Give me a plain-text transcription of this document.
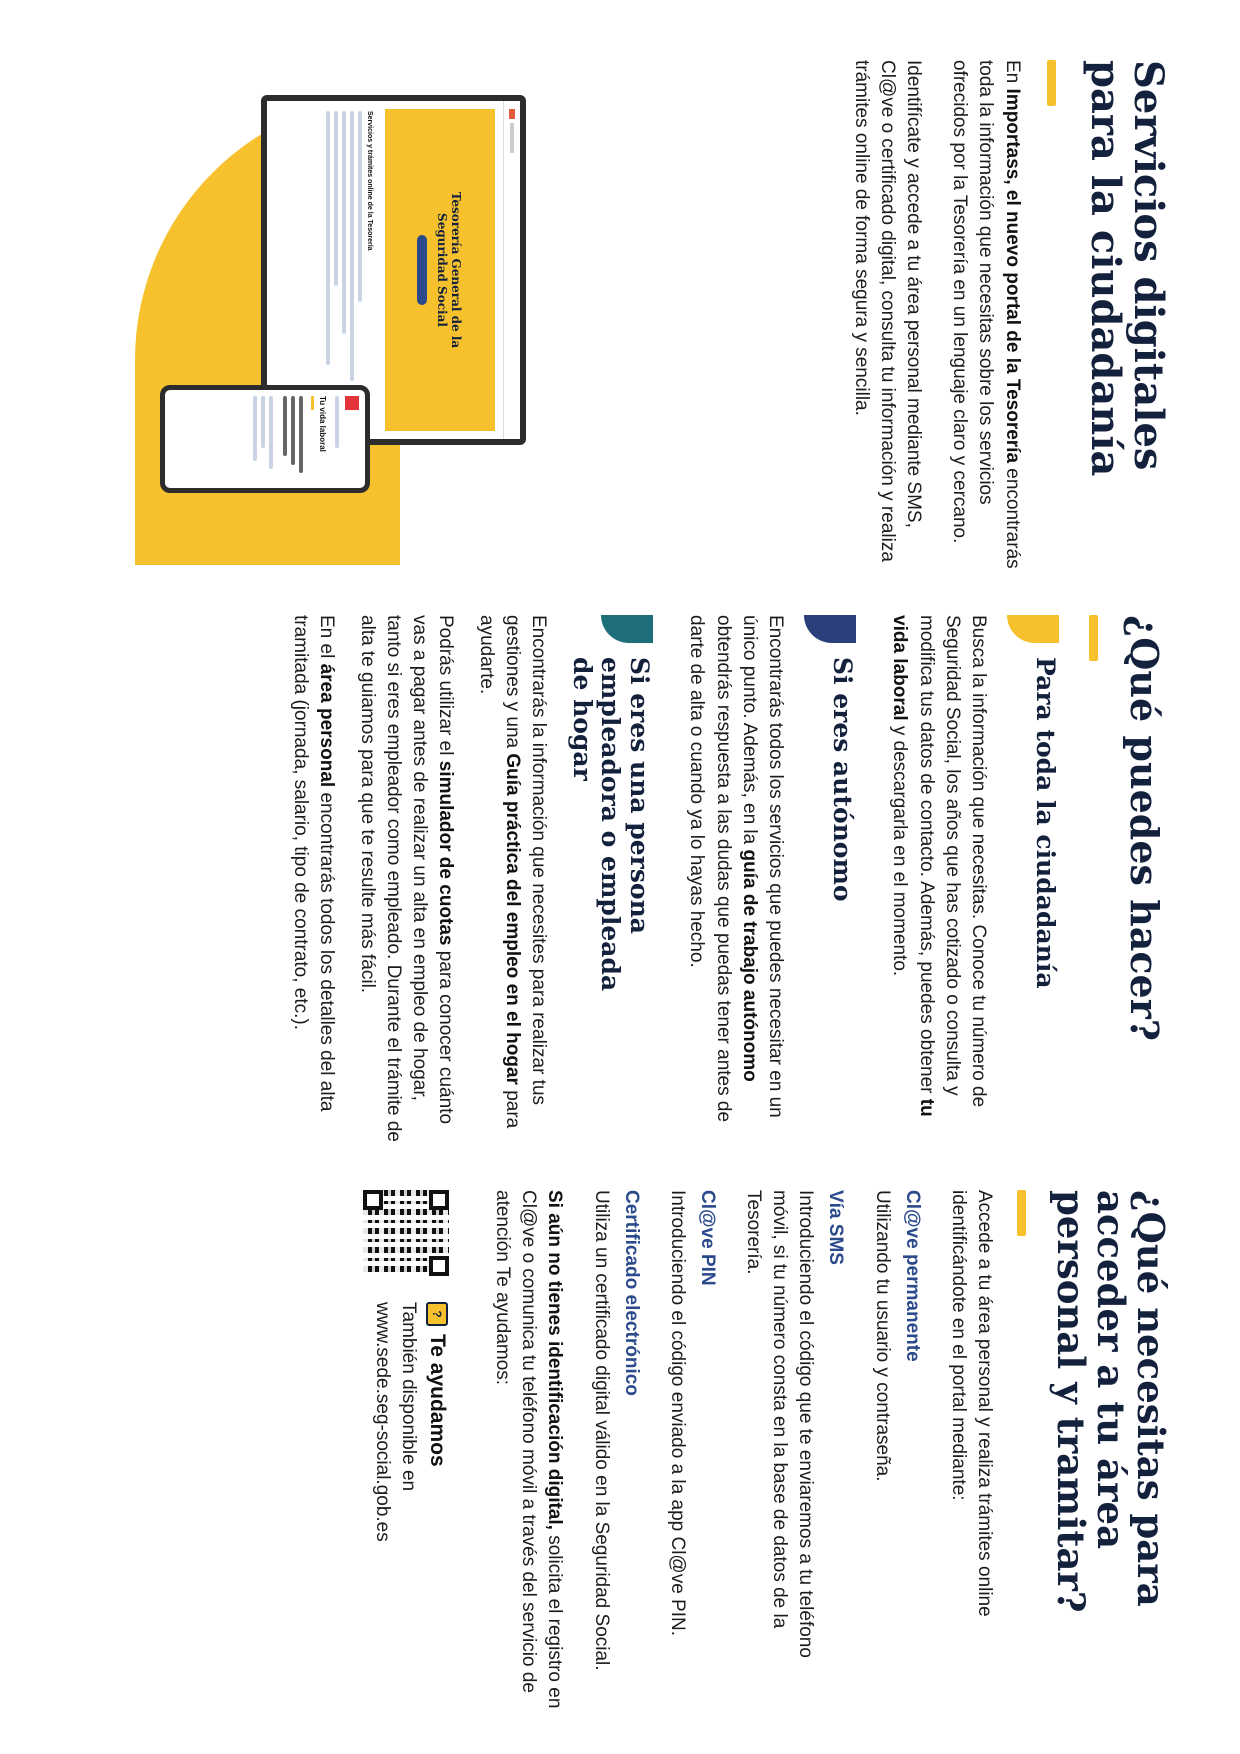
Servicios digitales para la ciudadanía

En Importass, el nuevo portal de la Tesorería encontrarás toda la información que necesitas sobre los servicios ofrecidos por la Tesorería en un lenguaje claro y cercano.

Identifícate y accede a tu área personal mediante SMS, Cl@ve o certificado digital, consulta tu información y realiza trámites online de forma segura y sencilla.

Tesorería General de la Seguridad Social
Servicios y trámites online de la Tesorería
Tu vida laboral
¿Qué puedes hacer?
Para toda la ciudadanía

Busca la información que necesitas. Conoce tu número de Seguridad Social, los años que has cotizado o consulta y modifica tus datos de contacto. Además, puedes obtener tu vida laboral y descargarla en el momento.

Si eres autónomo

Encontrarás todos los servicios que puedes necesitar en un único punto. Además, en la guía de trabajo autónomo obtendrás respuesta a las dudas que puedas tener antes de darte de alta o cuando ya lo hayas hecho.

Si eres una persona empleadora o empleada de hogar

Encontrarás la información que necesites para realizar tus gestiones y una Guía práctica del empleo en el hogar para ayudarte.

Podrás utilizar el simulador de cuotas para conocer cuánto vas a pagar antes de realizar un alta en empleo de hogar, tanto si eres empleador como empleado. Durante el trámite de alta te guiamos para que te resulte más fácil.

En el área personal encontrarás todos los detalles del alta tramitada (jornada, salario, tipo de contrato, etc.).

¿Qué necesitas para acceder a tu área personal y tramitar?

Accede a tu área personal y realiza trámites online identificándote en el portal mediante:

Cl@ve permanente

Utilizando tu usuario y contraseña.

Vía SMS

Introduciendo el código que te enviaremos a tu teléfono móvil, si tu número consta en la base de datos de la Tesorería.

Cl@ve PIN

Introduciendo el código enviado a la app Cl@ve PIN.

Certificado electrónico

Utiliza un certificado digital válido en la Seguridad Social.

Si aún no tienes identificación digital, solicita el registro en Cl@ve o comunica tu teléfono móvil a través del servicio de atención Te ayudamos:

?
Te ayudamos
También disponible en
www.sede.seg-social.gob.es
